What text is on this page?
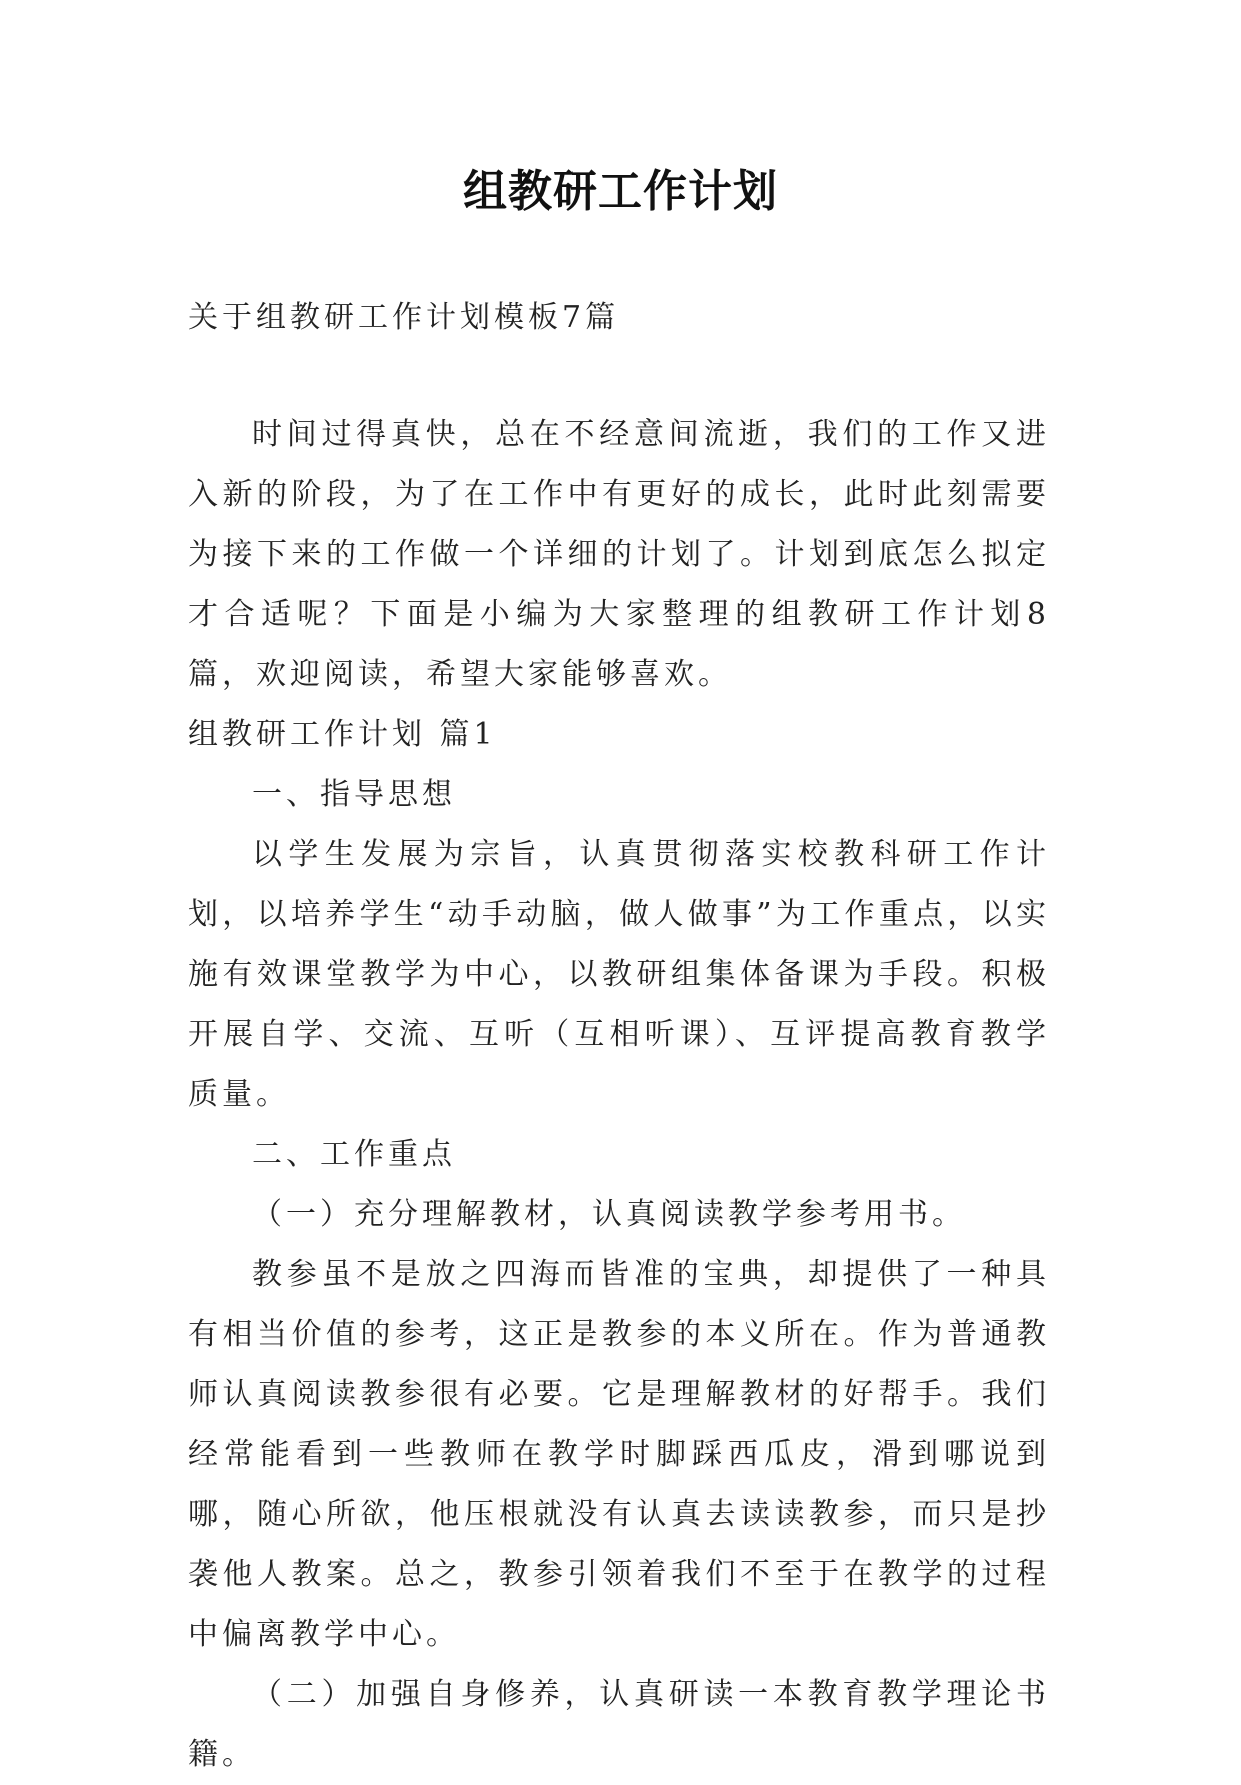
组教研工作计划

关于组教研工作计划模板7篇

时间过得真快，总在不经意间流逝，我们的工作又进入新的阶段，为了在工作中有更好的成长，此时此刻需要为接下来的工作做一个详细的计划了。计划到底怎么拟定才合适呢？下面是小编为大家整理的组教研工作计划8篇，欢迎阅读，希望大家能够喜欢。

组教研工作计划 篇1

一、指导思想

以学生发展为宗旨，认真贯彻落实校教科研工作计划，以培养学生“动手动脑，做人做事”为工作重点，以实施有效课堂教学为中心，以教研组集体备课为手段。积极开展自学、交流、互听（互相听课）、互评提高教育教学质量。

二、工作重点

（一）充分理解教材，认真阅读教学参考用书。

教参虽不是放之四海而皆准的宝典，却提供了一种具有相当价值的参考，这正是教参的本义所在。作为普通教师认真阅读教参很有必要。它是理解教材的好帮手。我们经常能看到一些教师在教学时脚踩西瓜皮，滑到哪说到哪，随心所欲，他压根就没有认真去读读教参，而只是抄袭他人教案。总之，教参引领着我们不至于在教学的过程中偏离教学中心。

（二）加强自身修养，认真研读一本教育教学理论书籍。
